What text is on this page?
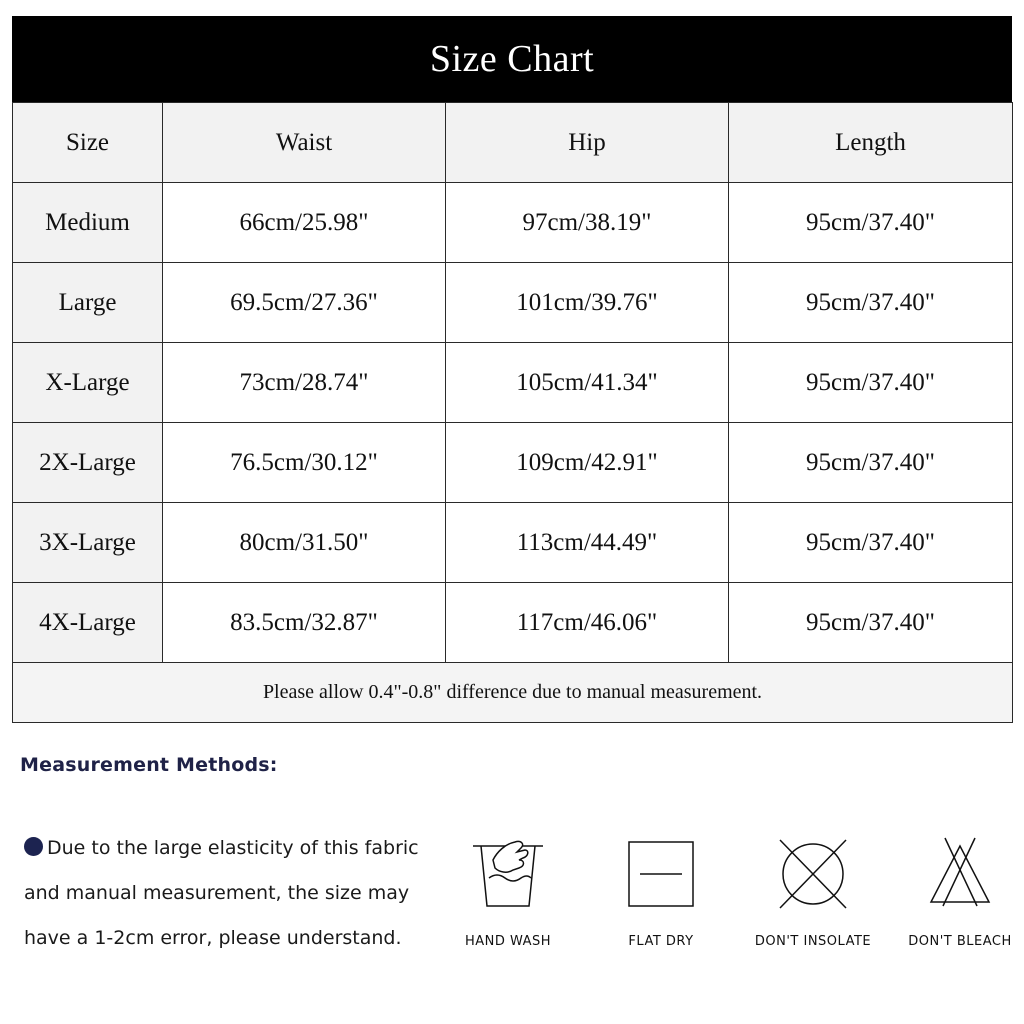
Size Chart
Size	Waist	Hip	Length
Medium	66cm/25.98"	97cm/38.19"	95cm/37.40"
Large	69.5cm/27.36"	101cm/39.76"	95cm/37.40"
X-Large	73cm/28.74"	105cm/41.34"	95cm/37.40"
2X-Large	76.5cm/30.12"	109cm/42.91"	95cm/37.40"
3X-Large	80cm/31.50"	113cm/44.49"	95cm/37.40"
4X-Large	83.5cm/32.87"	117cm/46.06"	95cm/37.40"
Please allow 0.4"-0.8" difference due to manual measurement.			
Measurement Methods:
Due to the large elasticity of this fabric and manual measurement, the size may have a 1-2cm error, please understand.	HAND WASH	FLAT DRY	DON'T INSOLATE	DON'T BLEACH
